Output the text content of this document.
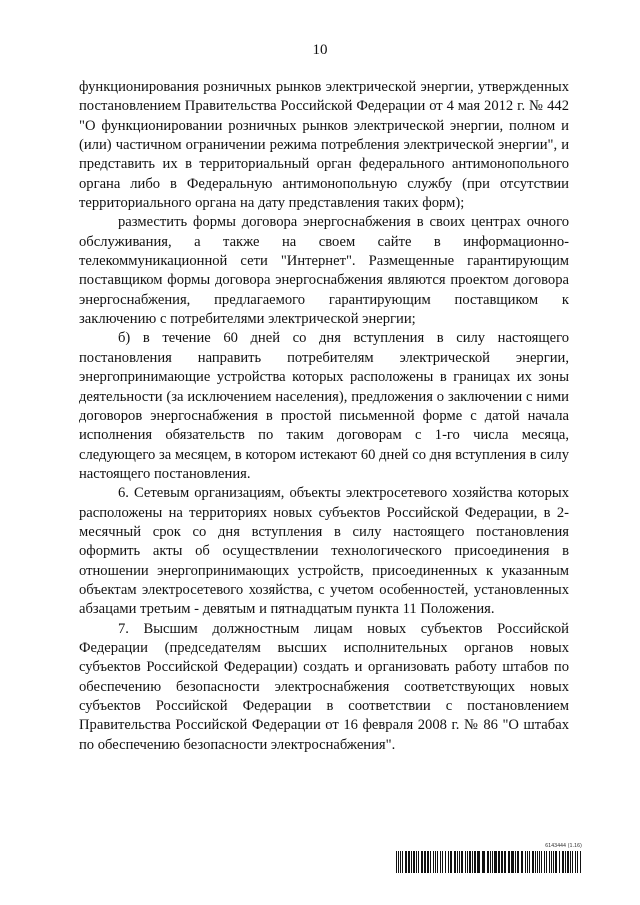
10

функционирования розничных рынков электрической энергии, утвержденных постановлением Правительства Российской Федерации от 4 мая 2012 г. № 442 "О функционировании розничных рынков электрической энергии, полном и (или) частичном ограничении режима потребления электрической энергии", и представить их в территориальный орган федерального антимонопольного органа либо в Федеральную антимонопольную службу (при отсутствии территориального органа на дату представления таких форм);

разместить формы договора энергоснабжения в своих центрах очного обслуживания, а также на своем сайте в информационно-телекоммуникационной сети "Интернет". Размещенные гарантирующим поставщиком формы договора энергоснабжения являются проектом договора энергоснабжения, предлагаемого гарантирующим поставщиком к заключению с потребителями электрической энергии;

б) в течение 60 дней со дня вступления в силу настоящего постановления направить потребителям электрической энергии, энергопринимающие устройства которых расположены в границах их зоны деятельности (за исключением населения), предложения о заключении с ними договоров энергоснабжения в простой письменной форме с датой начала исполнения обязательств по таким договорам с 1-го числа месяца, следующего за месяцем, в котором истекают 60 дней со дня вступления в силу настоящего постановления.

6. Сетевым организациям, объекты электросетевого хозяйства которых расположены на территориях новых субъектов Российской Федерации, в 2-месячный срок со дня вступления в силу настоящего постановления оформить акты об осуществлении технологического присоединения в отношении энергопринимающих устройств, присоединенных к указанным объектам электросетевого хозяйства, с учетом особенностей, установленных абзацами третьим - девятым и пятнадцатым пункта 11 Положения.

7. Высшим должностным лицам новых субъектов Российской Федерации (председателям высших исполнительных органов новых субъектов Российской Федерации) создать и организовать работу штабов по обеспечению безопасности электроснабжения соответствующих новых субъектов Российской Федерации в соответствии с постановлением Правительства Российской Федерации от 16 февраля 2008 г. № 86 "О штабах по обеспечению безопасности электроснабжения".

6143444 (1.16)
